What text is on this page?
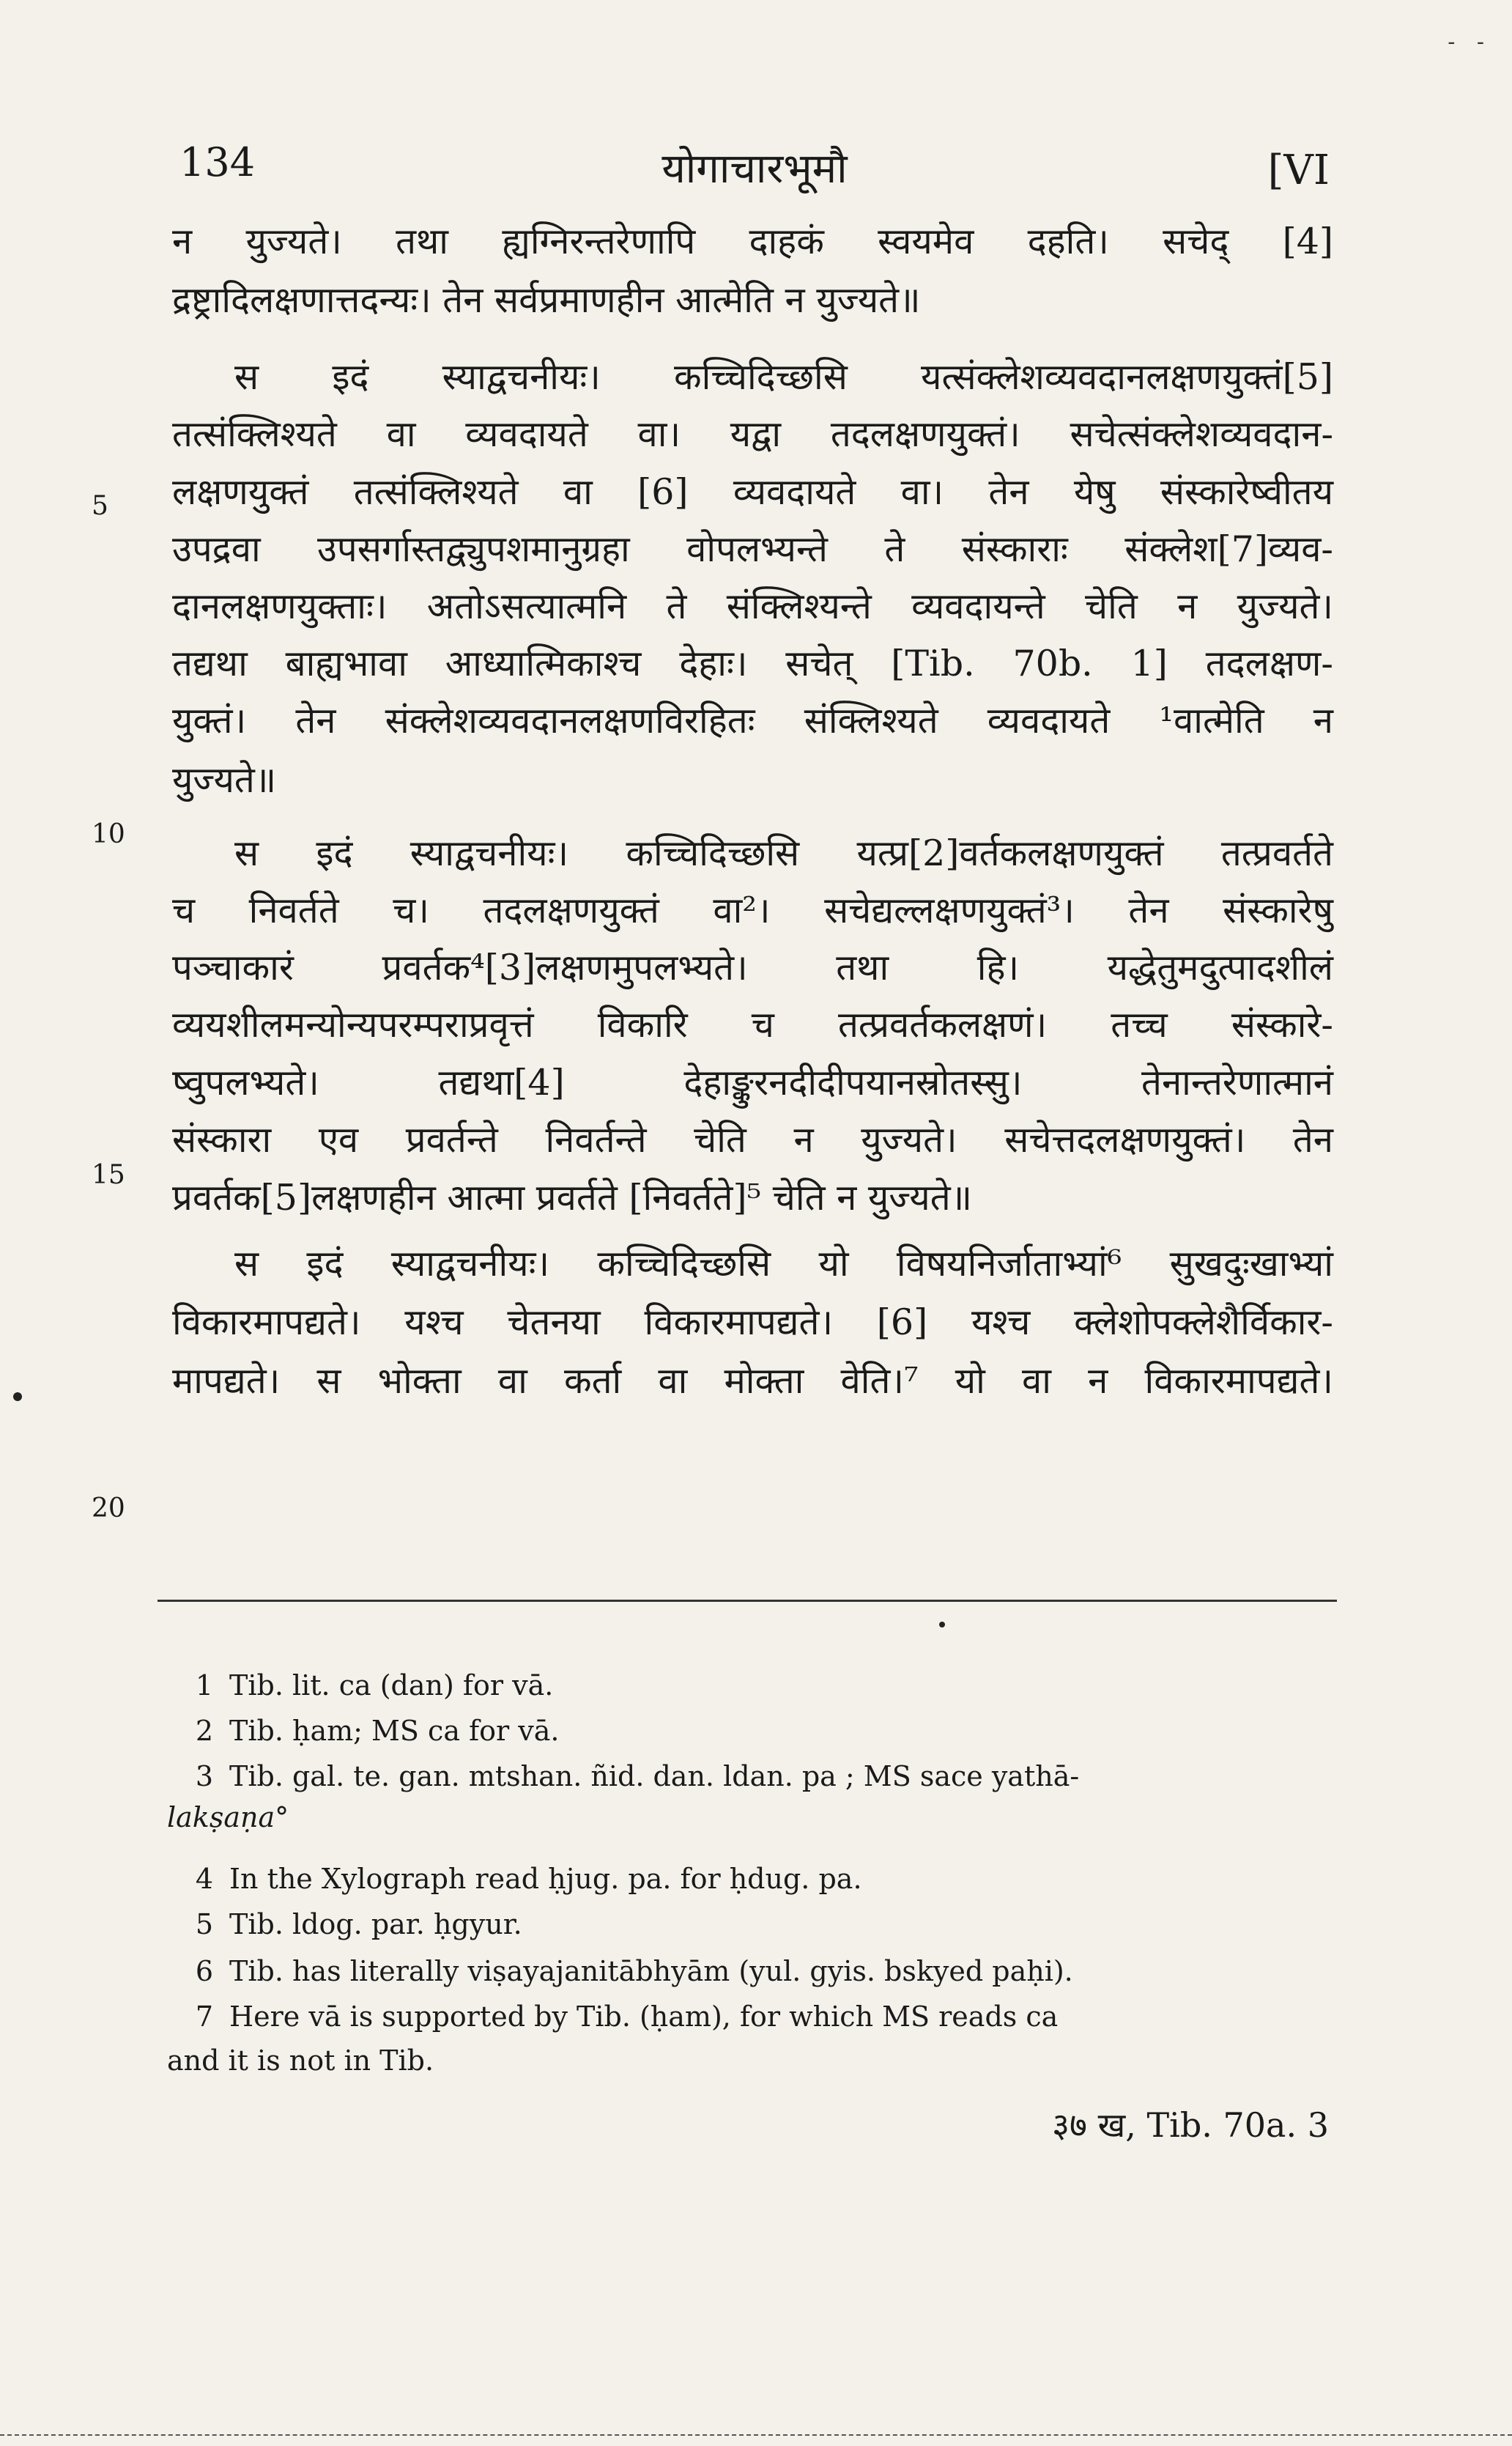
- -
134	योगाचारभूमौ	[VI
न युज्यते। तथा ह्यग्निरन्तरेणापि दाहकं स्वयमेव दहति। सचेद् [4]
द्रष्ट्रादिलक्षणात्तदन्यः। तेन सर्वप्रमाणहीन आत्मेति न युज्यते॥
स इदं स्याद्वचनीयः। कच्चिदिच्छसि यत्संक्लेशव्यवदानलक्षणयुक्तं[5]
तत्संक्लिश्यते वा व्यवदायते वा। यद्वा तदलक्षणयुक्तं। सचेत्संक्लेशव्यवदान-
लक्षणयुक्तं तत्संक्लिश्यते वा [6] व्यवदायते वा। तेन येषु संस्कारेष्वीतय
उपद्रवा उपसर्गास्तद्व्युपशमानुग्रहा वोपलभ्यन्ते ते संस्काराः संक्लेश[7]व्यव-
दानलक्षणयुक्ताः। अतोऽसत्यात्मनि ते संक्लिश्यन्ते व्यवदायन्ते चेति न युज्यते।
तद्यथा बाह्यभावा आध्यात्मिकाश्च देहाः। सचेत् [Tib. 70b. 1] तदलक्षण-
युक्तं। तेन संक्लेशव्यवदानलक्षणविरहितः संक्लिश्यते व्यवदायते ¹वात्मेति न
युज्यते॥
स इदं स्याद्वचनीयः। कच्चिदिच्छसि यत्प्र[2]वर्तकलक्षणयुक्तं तत्प्रवर्तते
च निवर्तते च। तदलक्षणयुक्तं वा²। सचेद्यल्लक्षणयुक्तं³। तेन संस्कारेषु
पञ्चाकारं प्रवर्तक⁴[3]लक्षणमुपलभ्यते। तथा हि। यद्धेतुमदुत्पादशीलं
व्ययशीलमन्योन्यपरम्पराप्रवृत्तं विकारि च तत्प्रवर्तकलक्षणं। तच्च संस्कारे-
ष्वुपलभ्यते। तद्यथा[4] देहाङ्कुरनदीदीपयानस्रोतस्सु। तेनान्तरेणात्मानं
संस्कारा एव प्रवर्तन्ते निवर्तन्ते चेति न युज्यते। सचेत्तदलक्षणयुक्तं। तेन
प्रवर्तक[5]लक्षणहीन आत्मा प्रवर्तते [निवर्तते]⁵ चेति न युज्यते॥
स इदं स्याद्वचनीयः। कच्चिदिच्छसि यो विषयनिर्जाताभ्यां⁶ सुखदुःखाभ्यां
विकारमापद्यते। यश्च चेतनया विकारमापद्यते। [6] यश्च क्लेशोपक्लेशैर्विकार-
मापद्यते। स भोक्ता वा कर्ता वा मोक्ता वेति।⁷ यो वा न विकारमापद्यते।
5
10
15
20
1 Tib. lit. ca (dan) for vā.
2 Tib. ḥam; MS ca for vā.
3 Tib. gal. te. gan. mtshan. ñid. dan. ldan. pa ; MS sace yathā-
lakṣaṇa°
4 In the Xylograph read ḥjug. pa. for ḥdug. pa.
5 Tib. ldog. par. ḥgyur.
6 Tib. has literally viṣayajanitābhyām (yul. gyis. bskyed paḥi).
7 Here vā is supported by Tib. (ḥam), for which MS reads ca
and it is not in Tib.
३७ ख, Tib. 70a. 3
